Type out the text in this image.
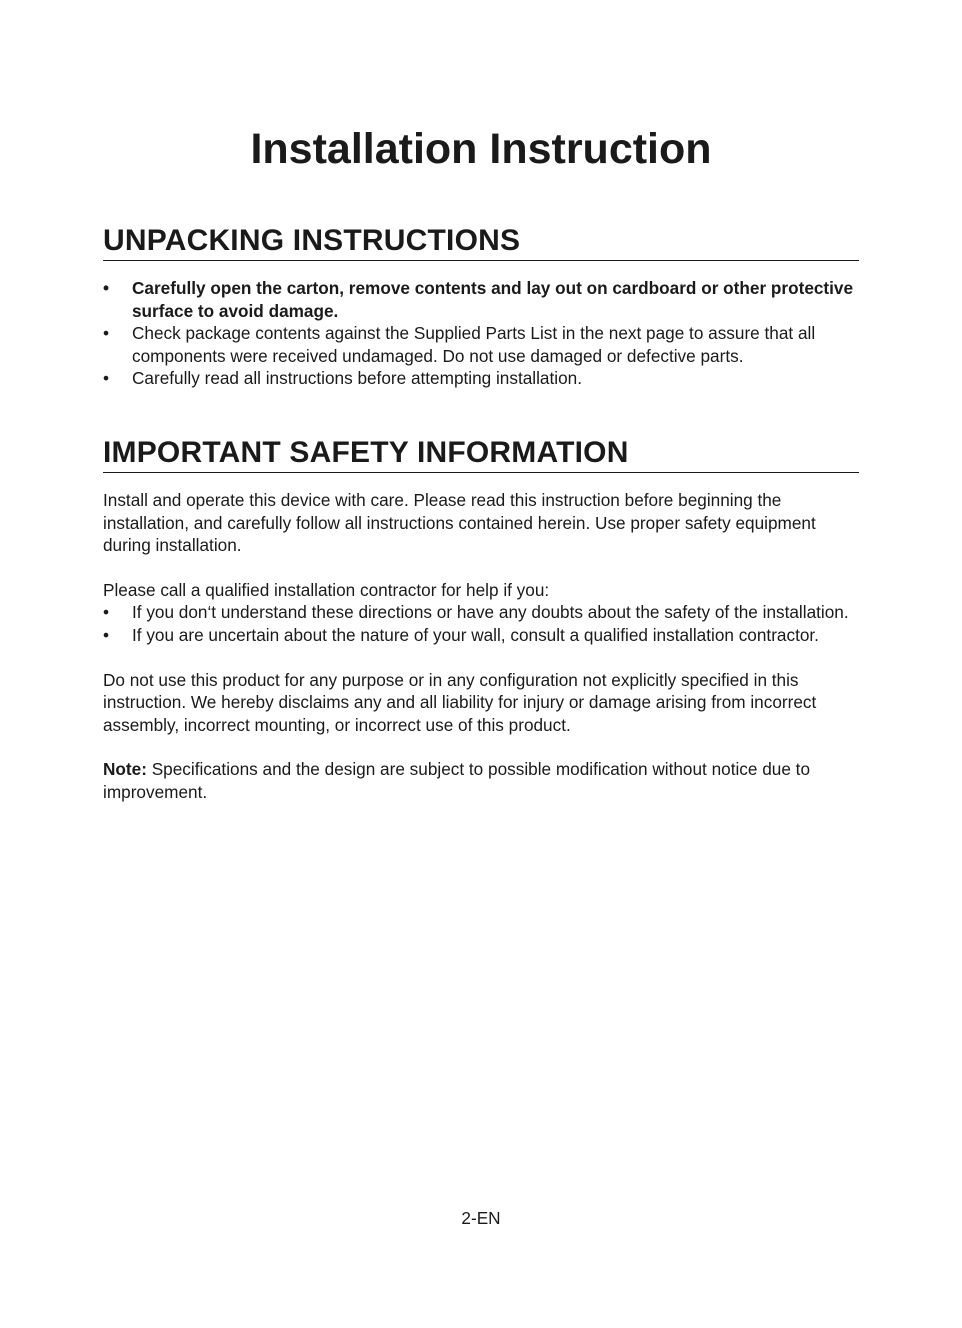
Installation Instruction
UNPACKING INSTRUCTIONS
• Carefully open the carton, remove contents and lay out on cardboard or other protective surface to avoid damage.
• Check package contents against the Supplied Parts List in the next page to assure that all components were received undamaged. Do not use damaged or defective parts.
• Carefully read all instructions before attempting installation.
IMPORTANT SAFETY INFORMATION

Install and operate this device with care. Please read this instruction before beginning the installation, and carefully follow all instructions contained herein. Use proper safety equipment during installation.

Please call a qualified installation contractor for help if you:

• If you don‘t understand these directions or have any doubts about the safety of the installation.
• If you are uncertain about the nature of your wall, consult a qualified installation contractor.

Do not use this product for any purpose or in any configuration not explicitly specified in this instruction. We hereby disclaims any and all liability for injury or damage arising from incorrect assembly, incorrect mounting, or incorrect use of this product.

Note: Specifications and the design are subject to possible modification without notice due to improvement.

2-EN
